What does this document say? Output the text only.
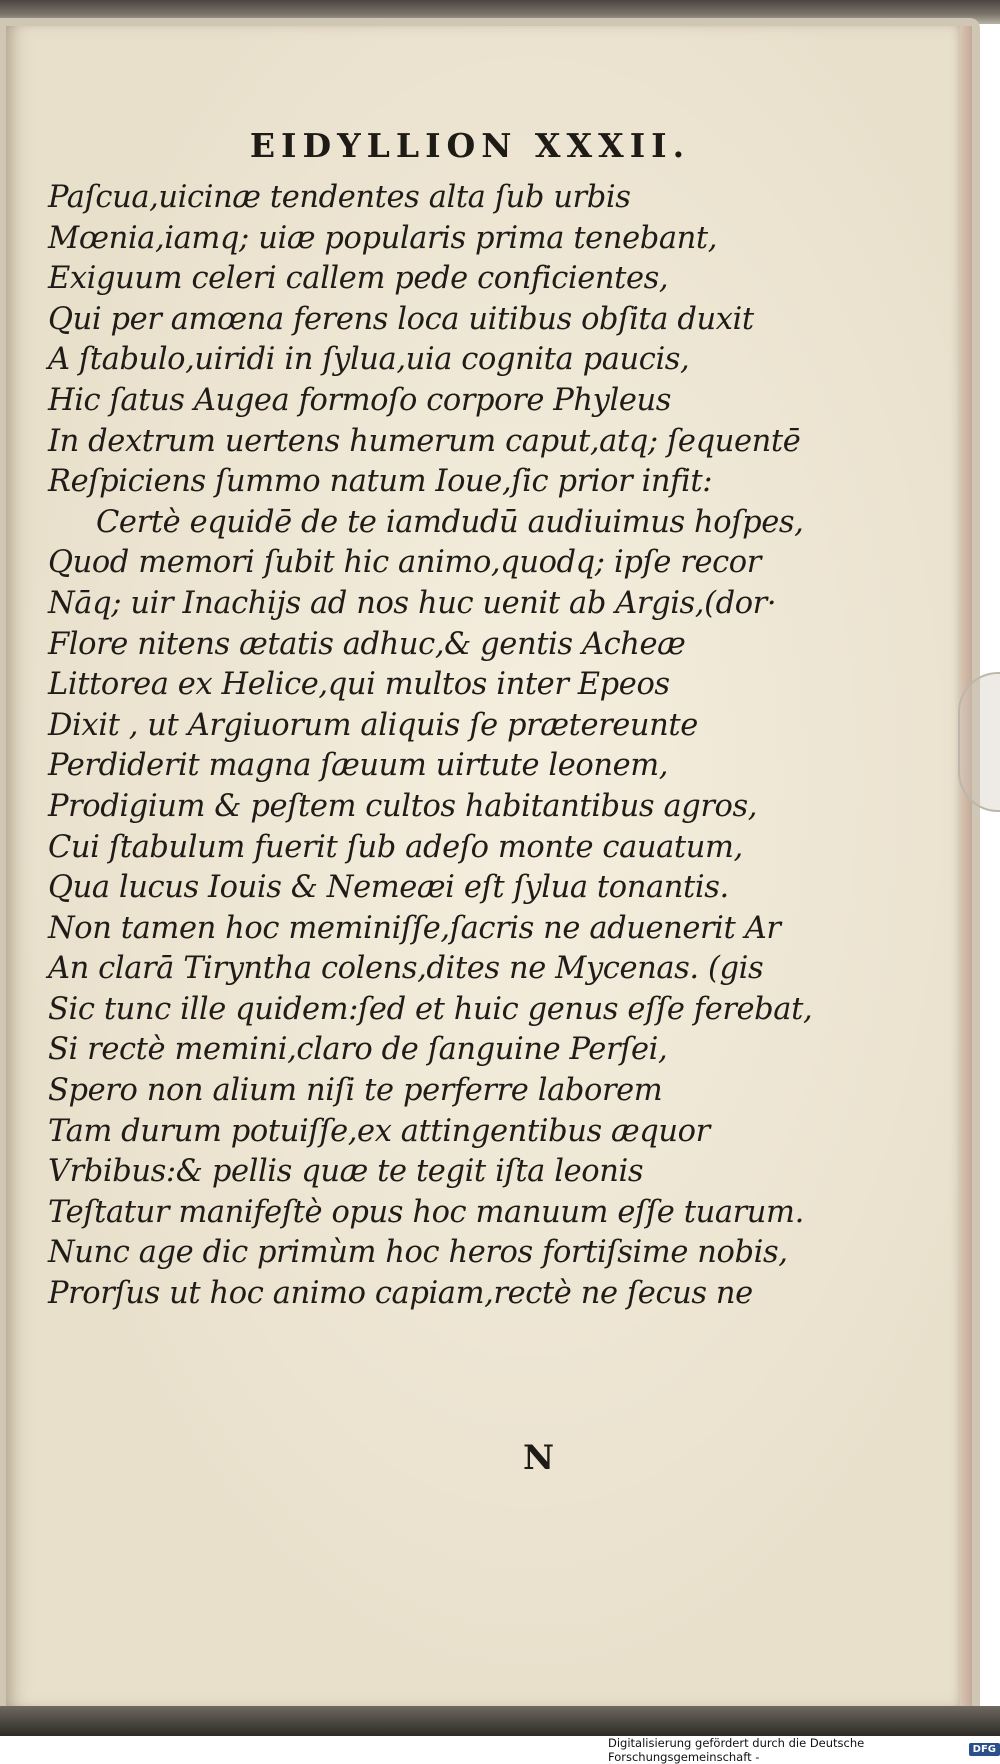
EIDYLLION XXXII.
Paſcua,uicinæ tendentes alta ſub urbis
Mœnia,iamq; uiæ popularis prima tenebant,
Exiguum celeri callem pede conficientes,
Qui per amœna ferens loca uitibus obſita duxit
A ſtabulo,uiridi in ſylua,uia cognita paucis,
Hic ſatus Augea formoſo corpore Phyleus
In dextrum uertens humerum caput,atq; ſequentē
Reſpiciens ſummo natum Ioue,ſic prior infit:
Certè equidē de te iamdudū audiuimus hoſpes,
Quod memori ſubit hic animo,quodq; ipſe recor
Nāq; uir Inachijs ad nos huc uenit ab Argis,(dor·
Flore nitens ætatis adhuc,& gentis Acheæ
Littorea ex Helice,qui multos inter Epeos
Dixit , ut Argiuorum aliquis ſe prætereunte
Perdiderit magna ſæuum uirtute leonem,
Prodigium & peſtem cultos habitantibus agros,
Cui ſtabulum fuerit ſub adeſo monte cauatum,
Qua lucus Iouis & Nemeæi eſt ſylua tonantis.
Non tamen hoc meminiſſe,ſacris ne aduenerit Ar
An clarā Tiryntha colens,dites ne Mycenas. (gis
Sic tunc ille quidem:ſed et huic genus eſſe ferebat,
Si rectè memini,claro de ſanguine Perſei,
Spero non alium niſi te perferre laborem
Tam durum potuiſſe,ex attingentibus æquor
Vrbibus:& pellis quæ te tegit iſta leonis
Teſtatur manifeſtè opus hoc manuum eſſe tuarum.
Nunc age dic primùm hoc heros fortiſsime nobis,
Prorſus ut hoc animo capiam,rectè ne ſecus ne
N
Digitalisierung gefördert durch die Deutsche Forschungsgemeinschaft -	DFG
